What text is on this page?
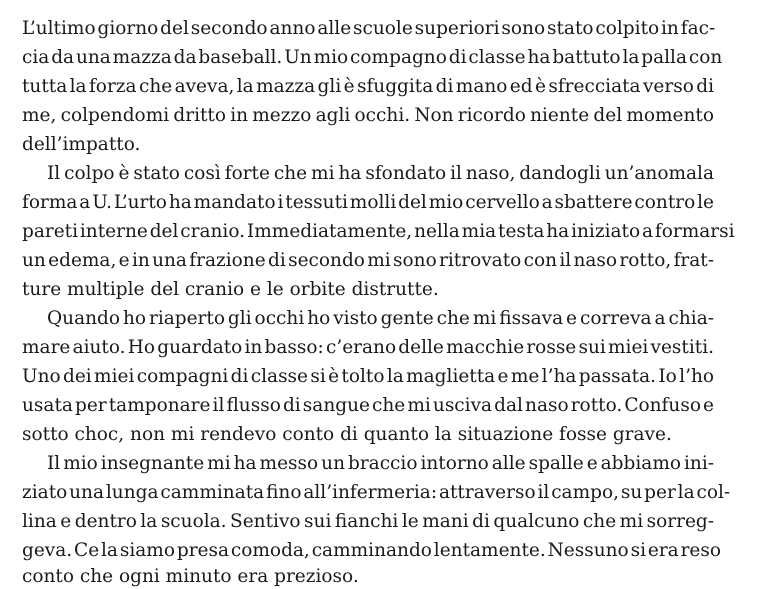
L’ultimo giorno del secondo anno alle scuole superiori sono stato colpito in fac-
cia da una mazza da baseball. Un mio compagno di classe ha battuto la palla con
tutta la forza che aveva, la mazza gli è sfuggita di mano ed è sfrecciata verso di
me, colpendomi dritto in mezzo agli occhi. Non ricordo niente del momento
dell’impatto.
Il colpo è stato così forte che mi ha sfondato il naso, dandogli un’anomala
forma a U. L’urto ha mandato i tessuti molli del mio cervello a sbattere contro le
pareti interne del cranio. Immediatamente, nella mia testa ha iniziato a formarsi
un edema, e in una frazione di secondo mi sono ritrovato con il naso rotto, frat-
ture multiple del cranio e le orbite distrutte.
Quando ho riaperto gli occhi ho visto gente che mi fissava e correva a chia-
mare aiuto. Ho guardato in basso: c’erano delle macchie rosse sui miei vestiti.
Uno dei miei compagni di classe si è tolto la maglietta e me l’ha passata. Io l’ho
usata per tamponare il flusso di sangue che mi usciva dal naso rotto. Confuso e
sotto choc, non mi rendevo conto di quanto la situazione fosse grave.
Il mio insegnante mi ha messo un braccio intorno alle spalle e abbiamo ini-
ziato una lunga camminata fino all’infermeria: attraverso il campo, su per la col-
lina e dentro la scuola. Sentivo sui fianchi le mani di qualcuno che mi sorreg-
geva. Ce la siamo presa comoda, camminando lentamente. Nessuno si era reso
conto che ogni minuto era prezioso.
